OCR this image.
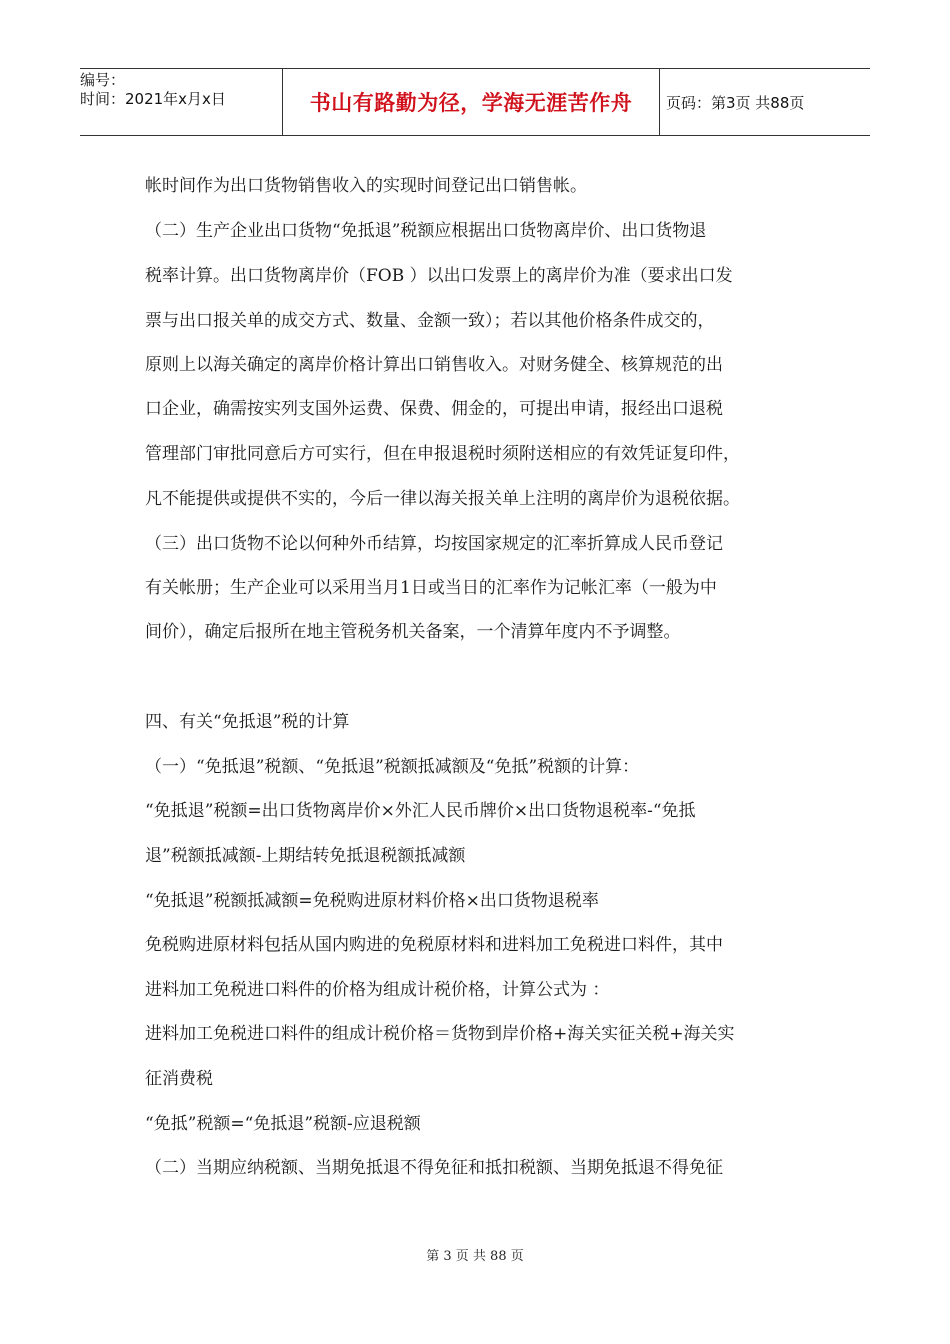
编号：
时间：2021年x月x日	书山有路勤为径，学海无涯苦作舟	页码：第3页 共88页
帐时间作为出口货物销售收入的实现时间登记出口销售帐。
（二）生产企业出口货物“免抵退”税额应根据出口货物离岸价、出口货物退
税率计算。出口货物离岸价（FOB ）以出口发票上的离岸价为准（要求出口发
票与出口报关单的成交方式、数量、金额一致）；若以其他价格条件成交的，
原则上以海关确定的离岸价格计算出口销售收入。对财务健全、核算规范的出
口企业，确需按实列支国外运费、保费、佣金的，可提出申请，报经出口退税
管理部门审批同意后方可实行，但在申报退税时须附送相应的有效凭证复印件，
凡不能提供或提供不实的，今后一律以海关报关单上注明的离岸价为退税依据。
（三）出口货物不论以何种外币结算，均按国家规定的汇率折算成人民币登记
有关帐册；生产企业可以采用当月1日或当日的汇率作为记帐汇率（一般为中
间价），确定后报所在地主管税务机关备案，一个清算年度内不予调整。
四、有关“免抵退”税的计算
（一）“免抵退”税额、“免抵退”税额抵减额及“免抵”税额的计算：
“免抵退”税额=出口货物离岸价×外汇人民币牌价×出口货物退税率-“免抵
退”税额抵减额-上期结转免抵退税额抵减额
“免抵退”税额抵减额=免税购进原材料价格×出口货物退税率
免税购进原材料包括从国内购进的免税原材料和进料加工免税进口料件，其中
进料加工免税进口料件的价格为组成计税价格，计算公式为 ：
进料加工免税进口料件的组成计税价格＝货物到岸价格+海关实征关税+海关实
征消费税
“免抵”税额=“免抵退”税额-应退税额
（二）当期应纳税额、当期免抵退不得免征和抵扣税额、当期免抵退不得免征
第 3 页 共 88 页
